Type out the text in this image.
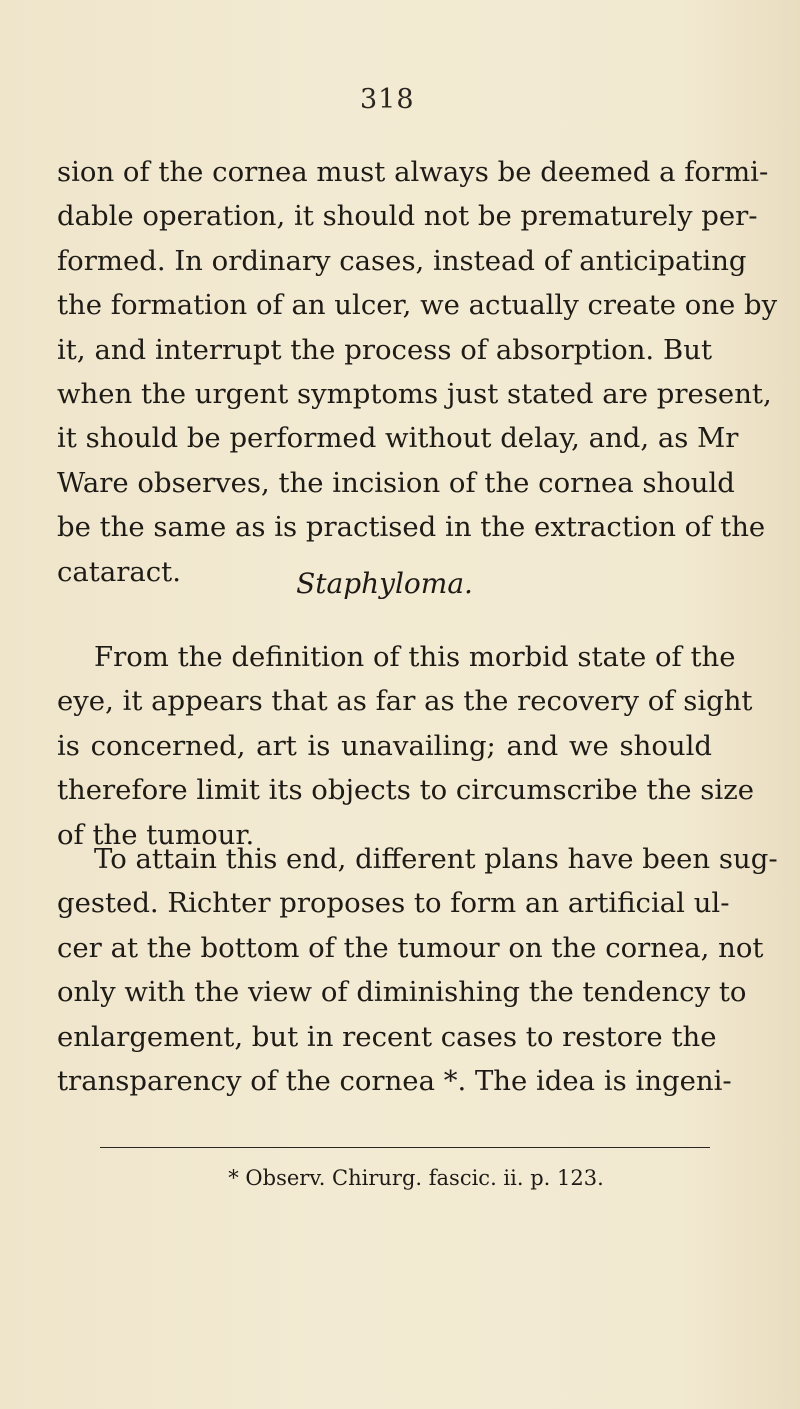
318
sion of the cornea must always be deemed a formi-
dable operation, it should not be prematurely per-
formed. In ordinary cases, instead of anticipating
the formation of an ulcer, we actually create one by
it, and interrupt the process of absorption. But
when the urgent symptoms just stated are present,
it should be performed without delay, and, as Mr
Ware observes, the incision of the cornea should
be the same as is practised in the extraction of the
cataract.	Staphyloma.
From the definition of this morbid state of the
eye, it appears that as far as the recovery of sight
is concerned, art is unavailing; and we should
therefore limit its objects to circumscribe the size
of the tumour.
To attain this end, different plans have been sug-
gested. Richter proposes to form an artificial ul-
cer at the bottom of the tumour on the cornea, not
only with the view of diminishing the tendency to
enlargement, but in recent cases to restore the
transparency of the cornea *. The idea is ingeni-
* Observ. Chirurg. fascic. ii. p. 123.
